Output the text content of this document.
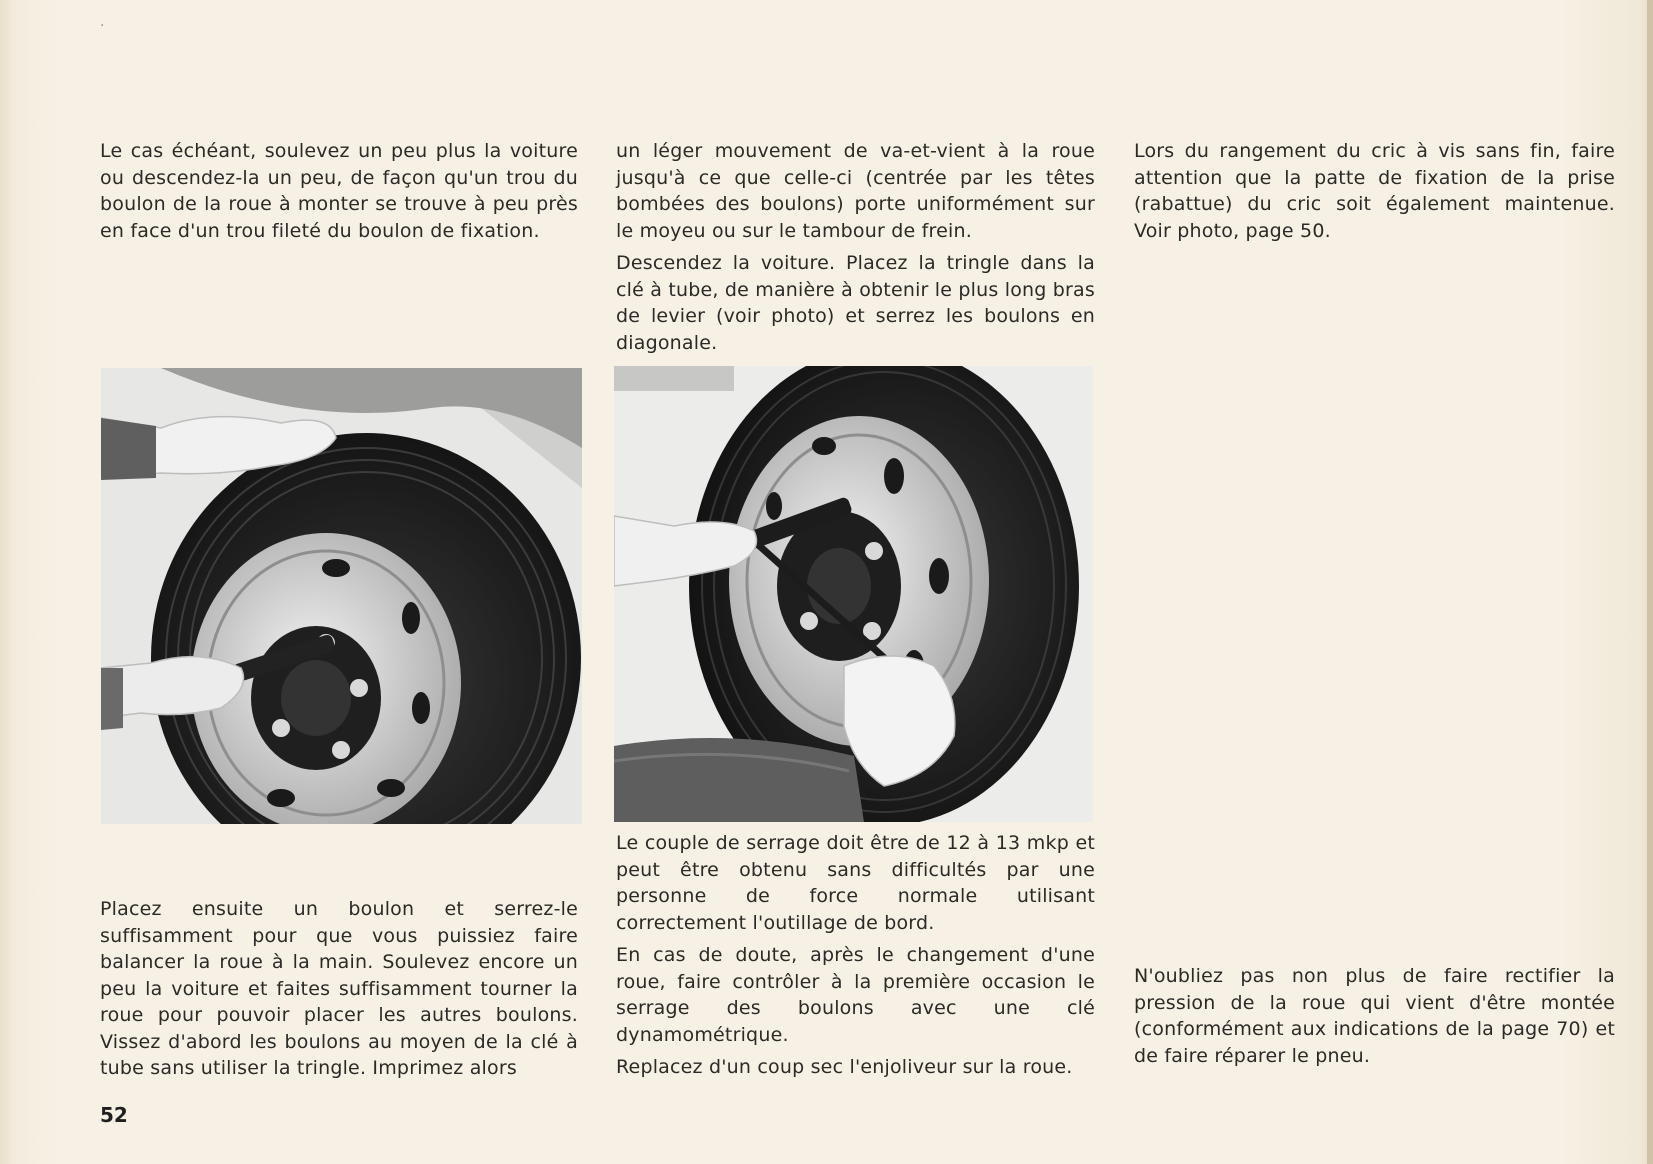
·

Le cas échéant, soulevez un peu plus la voiture ou descendez-la un peu, de façon qu'un trou du boulon de la roue à monter se trouve à peu près en face d'un trou fileté du boulon de fixation.

un léger mouvement de va-et-vient à la roue jusqu'à ce que celle-ci (centrée par les têtes bombées des boulons) porte uniformément sur le moyeu ou sur le tambour de frein.

Descendez la voiture. Placez la tringle dans la clé à tube, de manière à obtenir le plus long bras de levier (voir photo) et serrez les boulons en diagonale.

Lors du rangement du cric à vis sans fin, faire attention que la patte de fixation de la prise (rabattue) du cric soit également maintenue. Voir photo, page 50.

Le couple de serrage doit être de 12 à 13 mkp et peut être obtenu sans difficultés par une personne de force normale utilisant correctement l'outillage de bord.

En cas de doute, après le changement d'une roue, faire contrôler à la première occasion le serrage des boulons avec une clé dynamométrique.

Replacez d'un coup sec l'enjoliveur sur la roue.

Placez ensuite un boulon et serrez-le suffisamment pour que vous puissiez faire balancer la roue à la main. Soulevez encore un peu la voiture et faites suffisamment tourner la roue pour pouvoir placer les autres boulons. Vissez d'abord les boulons au moyen de la clé à tube sans utiliser la tringle. Imprimez alors

N'oubliez pas non plus de faire rectifier la pression de la roue qui vient d'être montée (conformément aux indications de la page 70) et de faire réparer le pneu.

52
